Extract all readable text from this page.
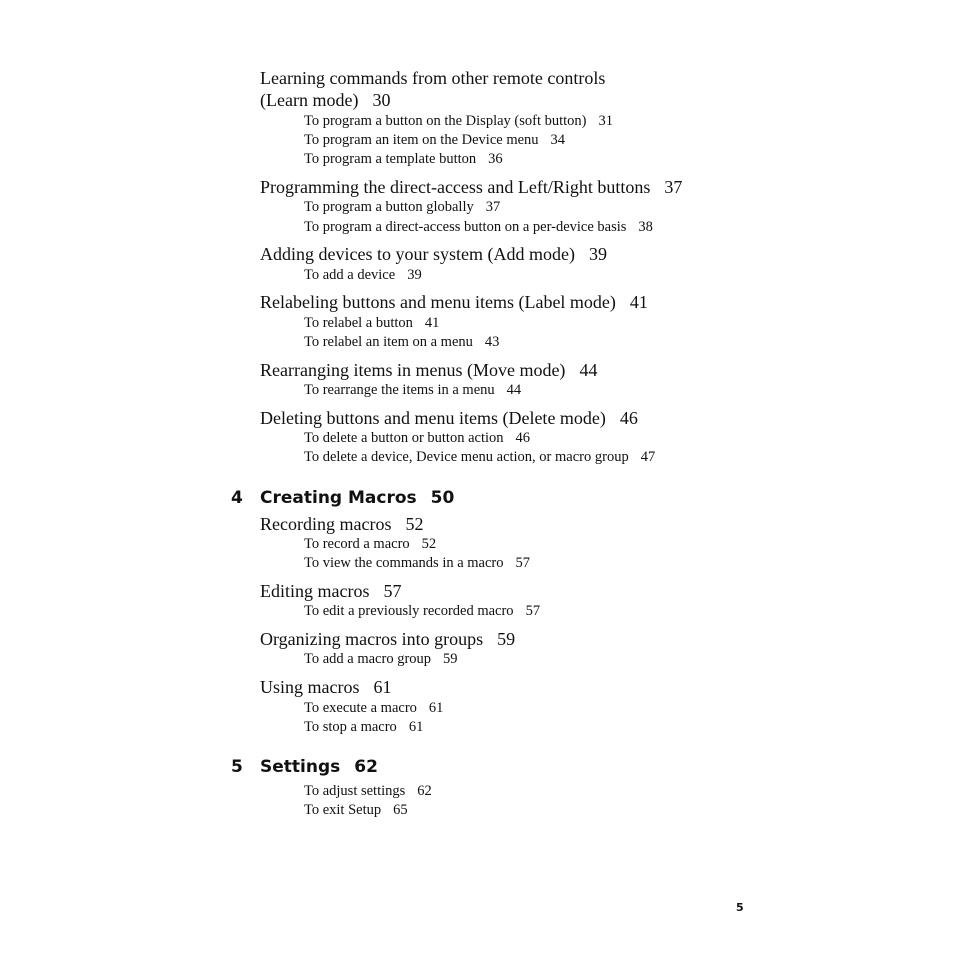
Learning commands from other remote controls
(Learn mode) 30
To program a button on the Display (soft button) 31
To program an item on the Device menu 34
To program a template button 36
Programming the direct-access and Left/Right buttons 37
To program a button globally 37
To program a direct-access button on a per-device basis 38
Adding devices to your system (Add mode) 39
To add a device 39
Relabeling buttons and menu items (Label mode) 41
To relabel a button 41
To relabel an item on a menu 43
Rearranging items in menus (Move mode) 44
To rearrange the items in a menu 44
Deleting buttons and menu items (Delete mode) 46
To delete a button or button action 46
To delete a device, Device menu action, or macro group 47
4 Creating Macros 50
Recording macros 52
To record a macro 52
To view the commands in a macro 57
Editing macros 57
To edit a previously recorded macro 57
Organizing macros into groups 59
To add a macro group 59
Using macros 61
To execute a macro 61
To stop a macro 61
5 Settings 62
To adjust settings 62
To exit Setup 65
5
